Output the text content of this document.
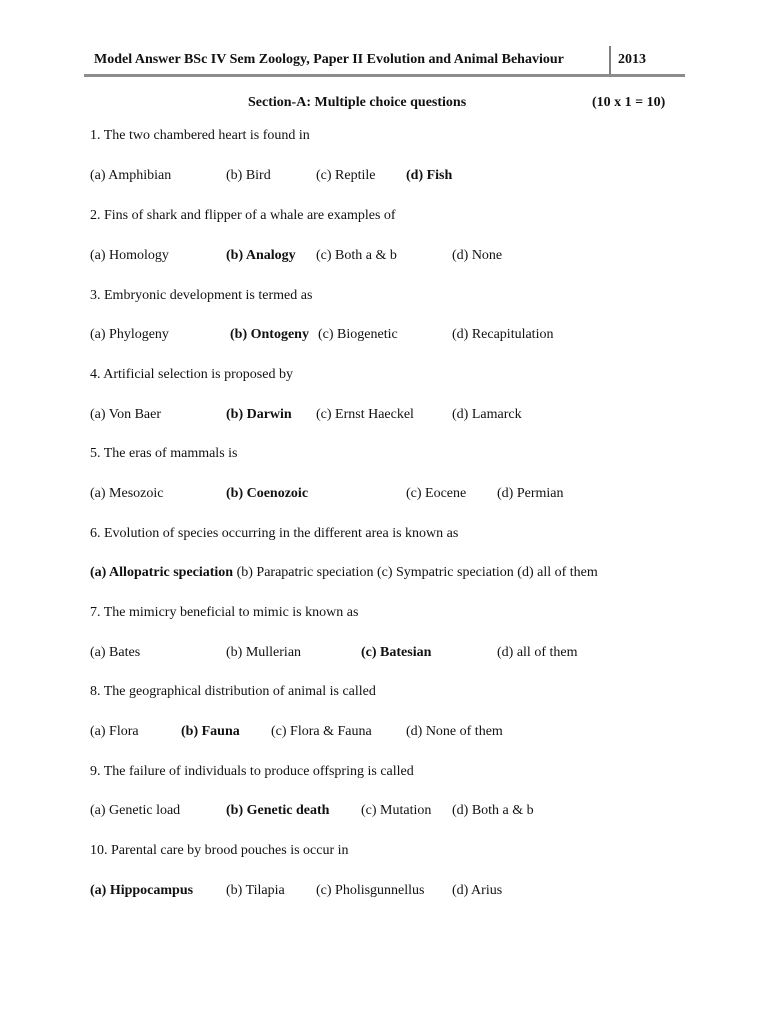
Model Answer BSc IV Sem Zoology, Paper II Evolution and Animal Behaviour	2013
Section-A: Multiple choice questions	(10 x 1 = 10)
1. The two chambered heart is found in
(a) Amphibian	(b) Bird	(c) Reptile (d) Fish
2. Fins of shark and flipper of a whale are examples of
(a) Homology	(b) Analogy (c) Both a & b	(d) None
3. Embryonic development is termed as
(a) Phylogeny	(b) Ontogeny (c) Biogenetic	(d) Recapitulation
4. Artificial selection is proposed by
(a) Von Baer	(b) Darwin (c) Ernst Haeckel	(d) Lamarck
5. The eras of mammals is
(a) Mesozoic	(b) Coenozoic	(c) Eocene (d) Permian
6. Evolution of species occurring in the different area is known as
(a) Allopatric speciation (b) Parapatric speciation (c) Sympatric speciation (d) all of them
7. The mimicry beneficial to mimic is known as
(a) Bates	(b) Mullerian	(c) Batesian	(d) all of them
8. The geographical distribution of animal is called
(a) Flora	(b) Fauna (c) Flora & Fauna (d) None of them
9. The failure of individuals to produce offspring is called
(a) Genetic load	(b) Genetic death (c) Mutation (d) Both a & b
10. Parental care by brood pouches is occur in
(a) Hippocampus (b) Tilapia (c) Pholisgunnellus (d) Arius
